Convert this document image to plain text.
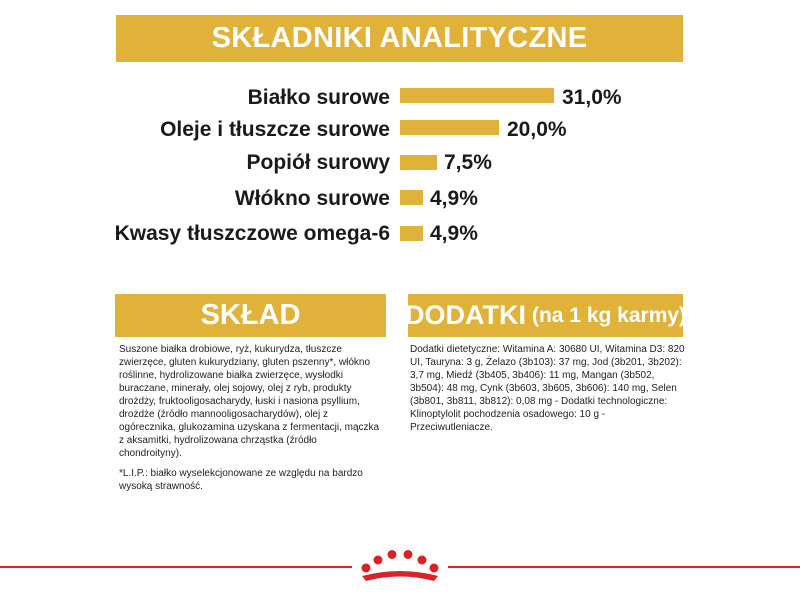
SKŁADNIKI ANALITYCZNE
Białko surowe	31,0%
Oleje i tłuszcze surowe	20,0%
Popiół surowy	7,5%
Włókno surowe 4,9%
Kwasy tłuszczowe omega-6 4,9%
SKŁAD	DODATKI (na 1 kg karmy)
Suszone białka drobiowe, ryż, kukurydza, tłuszcze zwierzęce, gluten kukurydziany, gluten pszenny*, włókno roślinne, hydrolizowane białka zwierzęce, wysłodki buraczane, minerały, olej sojowy, olej z ryb, produkty drożdży, fruktooligosacharydy, łuski i nasiona psyllium, drożdże (źródło mannooligosacharydów), olej z ogórecznika, glukozamina uzyskana z fermentacji, mączka z aksamitki, hydrolizowana chrząstka (źródło chondroityny).
*L.I.P.: białko wyselekcjonowane ze względu na bardzo wysoką strawność.
Dodatki dietetyczne: Witamina A: 30680 UI, Witamina D3: 820 UI, Tauryna: 3 g, Żelazo (3b103): 37 mg, Jod (3b201, 3b202): 3,7 mg, Miedź (3b405, 3b406): 11 mg, Mangan (3b502, 3b504): 48 mg, Cynk (3b603, 3b605, 3b606): 140 mg, Selen (3b801, 3b811, 3b812): 0,08 mg - Dodatki technologiczne: Klinoptylolit pochodzenia osadowego: 10 g - Przeciwutleniacze.
